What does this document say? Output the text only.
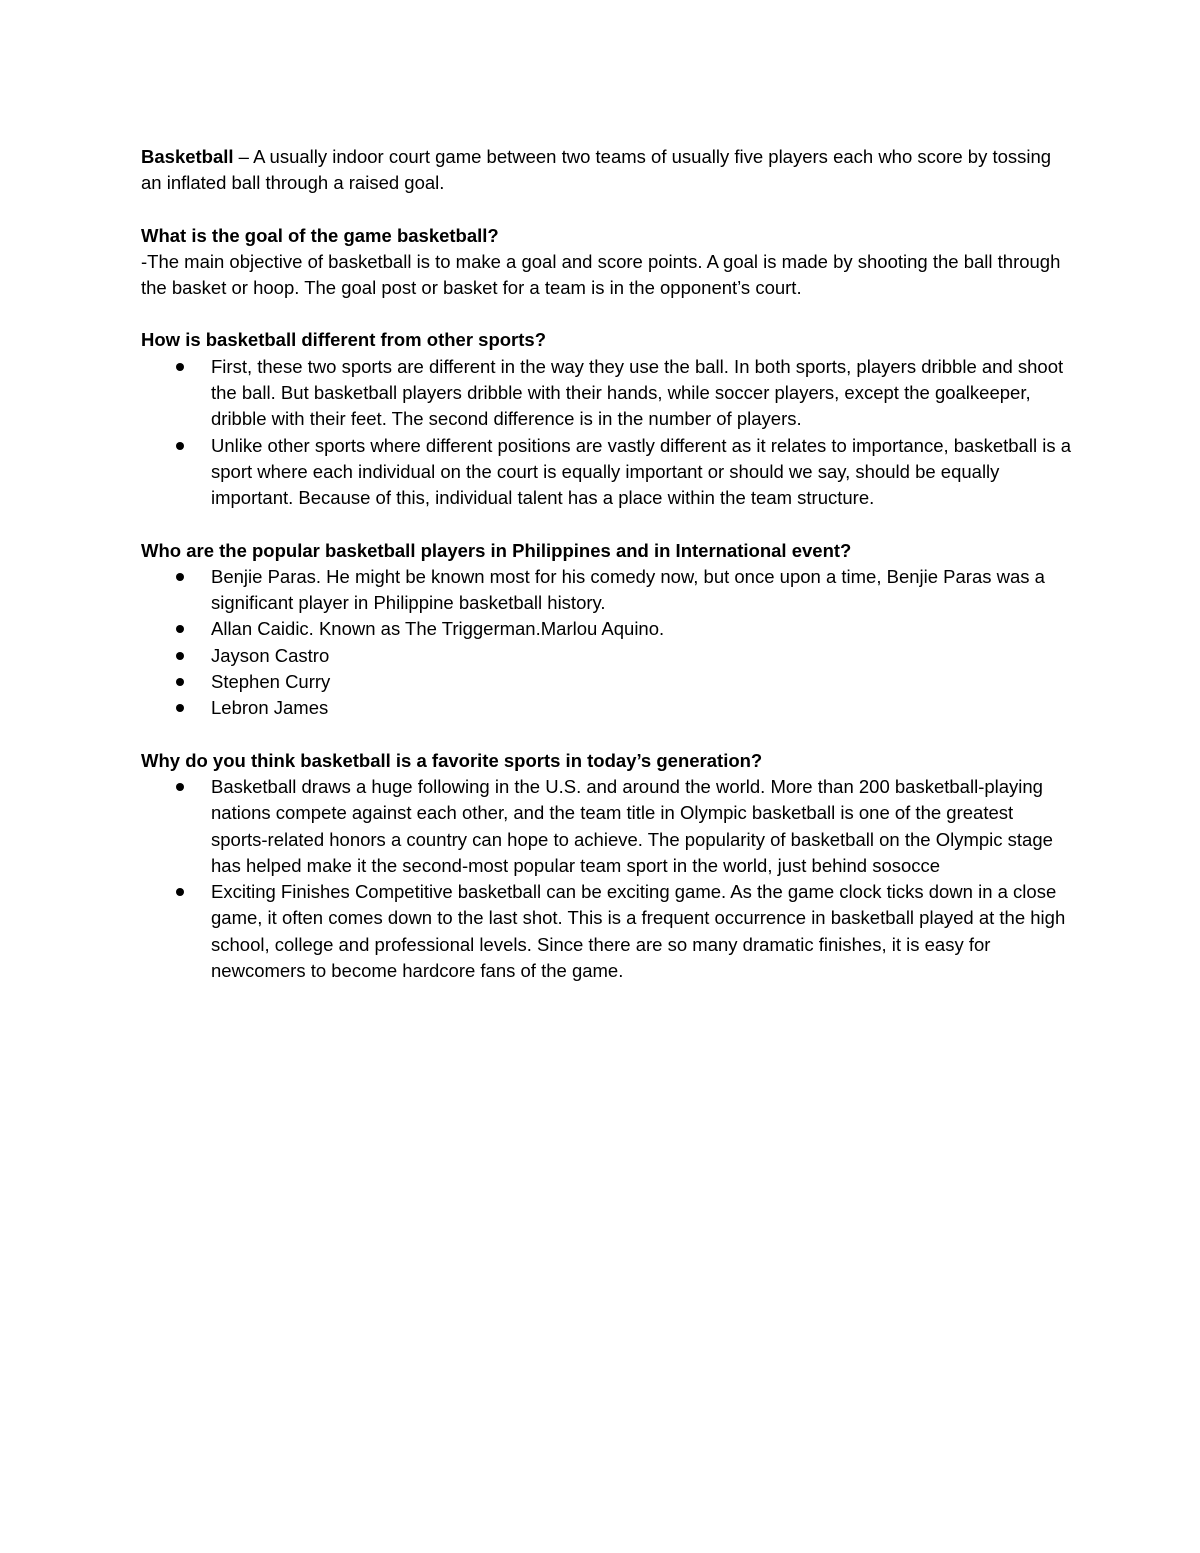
Basketball – A usually indoor court game between two teams of usually five players each who score by tossing an inflated ball through a raised goal.

What is the goal of the game basketball?

-The main objective of basketball is to make a goal and score points. A goal is made by shooting the ball through the basket or hoop. The goal post or basket for a team is in the opponent’s court.

How is basketball different from other sports?

First, these two sports are different in the way they use the ball. In both sports, players dribble and shoot the ball. But basketball players dribble with their hands, while soccer players, except the goalkeeper, dribble with their feet. The second difference is in the number of players.
Unlike other sports where different positions are vastly different as it relates to importance, basketball is a sport where each individual on the court is equally important or should we say, should be equally important. Because of this, individual talent has a place within the team structure.

Who are the popular basketball players in Philippines and in International event?

Benjie Paras. He might be known most for his comedy now, but once upon a time, Benjie Paras was a significant player in Philippine basketball history.
Allan Caidic. Known as The Triggerman.Marlou Aquino.
Jayson Castro
Stephen Curry
Lebron James

Why do you think basketball is a favorite sports in today’s generation?

Basketball draws a huge following in the U.S. and around the world. More than 200 basketball-playing nations compete against each other, and the team title in Olympic basketball is one of the greatest sports-related honors a country can hope to achieve. The popularity of basketball on the Olympic stage has helped make it the second-most popular team sport in the world, just behind sosocce
Exciting Finishes Competitive basketball can be exciting game. As the game clock ticks down in a close game, it often comes down to the last shot. This is a frequent occurrence in basketball played at the high school, college and professional levels. Since there are so many dramatic finishes, it is easy for newcomers to become hardcore fans of the game.
